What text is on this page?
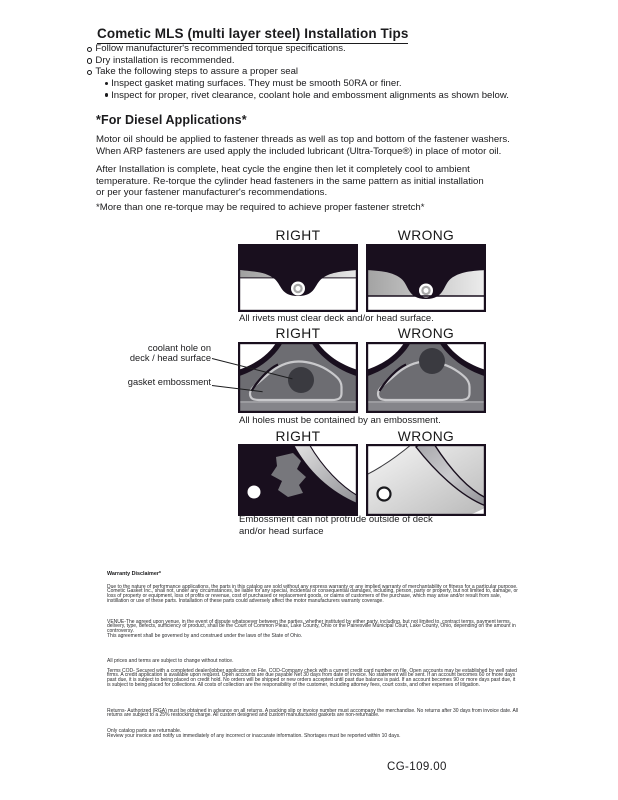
Cometic MLS (multi layer steel) Installation Tips
Follow manufacturer's recommended torque specifications.
Dry installation is recommended.
Take the following steps to assure a proper seal
Inspect gasket mating surfaces. They must be smooth 50RA or finer.
Inspect for proper, rivet clearance, coolant hole and embossment alignments as shown below.
*For Diesel Applications*
Motor oil should be applied to fastener threads as well as top and bottom of the fastener washers.
When ARP fasteners are used apply the included lubricant (Ultra-Torque®) in place of motor oil.
After Installation is complete, heat cycle the engine then let it completely cool to ambient
temperature. Re-torque the cylinder head fasteners in the same pattern as initial installation
or per your fastener manufacturer's recommendations.
*More than one re-torque may be required to achieve proper fastener stretch*
RIGHT	WRONG
All rivets must clear deck and/or head surface.
RIGHT	WRONG
coolant hole on
deck / head surface
gasket embossment
All holes must be contained by an embossment.
RIGHT	WRONG
Embossment can not protrude outside of deck and/or head surface
Warranty Disclaimer*
Due to the nature of performance applications, the parts in this catalog are sold without any express warranty or any implied warranty of merchantability or fitness for a particular purpose. Cometic Gasket Inc., shall not, under any circumstances, be liable for any special, incidental or consequential damages, including, person, party or property, but not limited to, damage, or loss of property or equipment, loss of profits or revenue, cost of purchased or replacement goods, or claims of customers of the purchase, which may arise and/or result from sale, instillation or use of these parts. Installation of these parts could adversely affect the motor manufacturers warranty coverage.
VENUE-The agreed upon venue, in the event of dispute whatsoever between the parties, whether instituted by either party, including, but not limited to, contract terms, payment terms, delivery, type, defects, sufficiency of product, shall be the Court of Common Pleas, Lake County, Ohio or the Painesville Municipal Court, Lake County, Ohio, depending on the amount in controversy.
This agreement shall be governed by and construed under the laws of the State of Ohio.
All prices and terms are subject to change without notice.
Terms COD- Secured with a completed dealer/jobber application on File, COD-Company check with a current credit card number on file. Open accounts may be established by well rated firms. A credit application is available upon request. Open accounts are due payable Net 30 days from date of invoice. No statement will be sent. If an account becomes 60 or more days past due, it is subject to being placed on credit hold. No orders will be shipped or new orders accepted until past due balance is paid. If an account becomes 90 or more days past due, it is subject to being placed for collections. All costs of collection are the responsibility of the customer, including attorney fees, court costs, and other expenses of litigation.
Returns- Authorized (RGA) must be obtained in advance on all returns. A packing slip or invoice number must accompany the merchandise. No returns after 30 days from invoice date. All returns are subject to a 25% restocking charge. All custom designed and custom manufactured gaskets are non-returnable.
Only catalog parts are returnable.
Review your invoice and notify us immediately of any incorrect or inaccurate information. Shortages must be reported within 10 days.
CG-109.00
